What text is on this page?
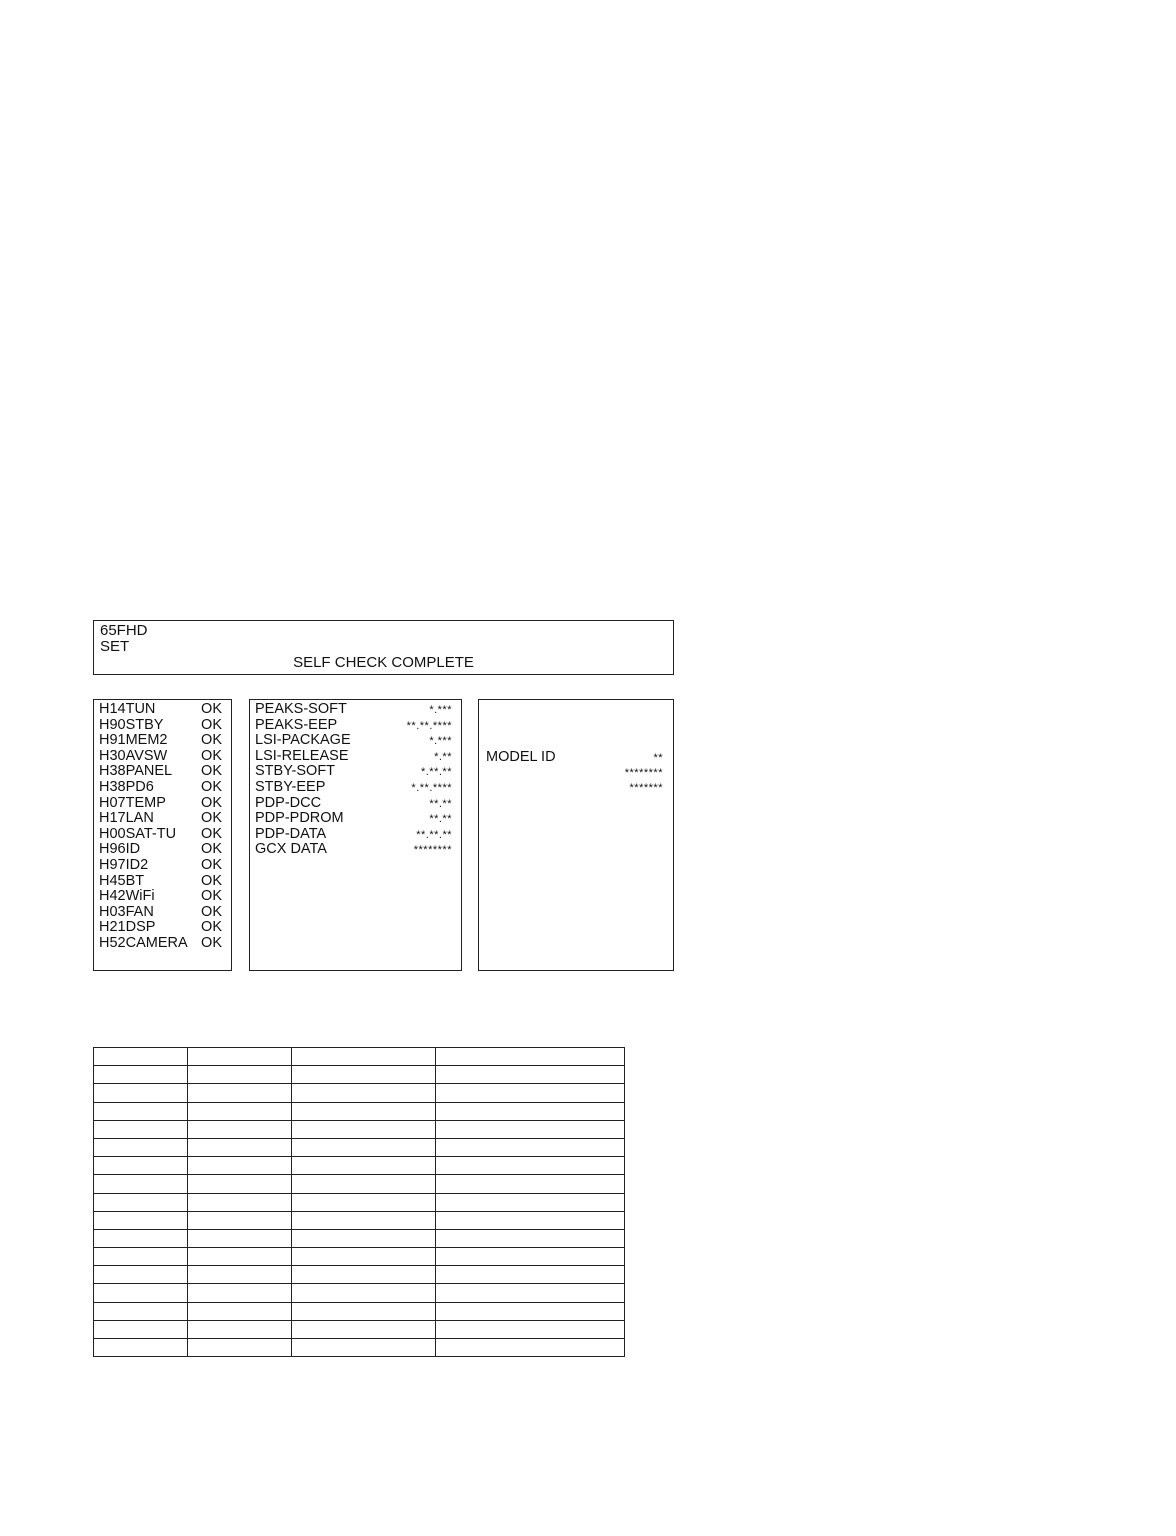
65FHD
SET
SELF CHECK COMPLETE
H14TUN	OK
H90STBY	OK
H91MEM2 OK
H30AVSW OK
H38PANEL OK
H38PD6	OK
H07TEMP OK
H17LAN	OK
H00SAT-TU OK
H96ID	OK
H97ID2	OK
H45BT	OK
H42WiFi	OK
H03FAN	OK
H21DSP	OK
H52CAMERA OK
PEAKS-SOFT	*.***
PEAKS-EEP	**.**.****
LSI-PACKAGE	*.***
LSI-RELEASE	*.**
STBY-SOFT	*.**.**
STBY-EEP	*.**.****
PDP-DCC	**.**
PDP-PDROM	**.**
PDP-DATA	**.**.**
GCX DATA	********
MODEL ID	**
********
*******
